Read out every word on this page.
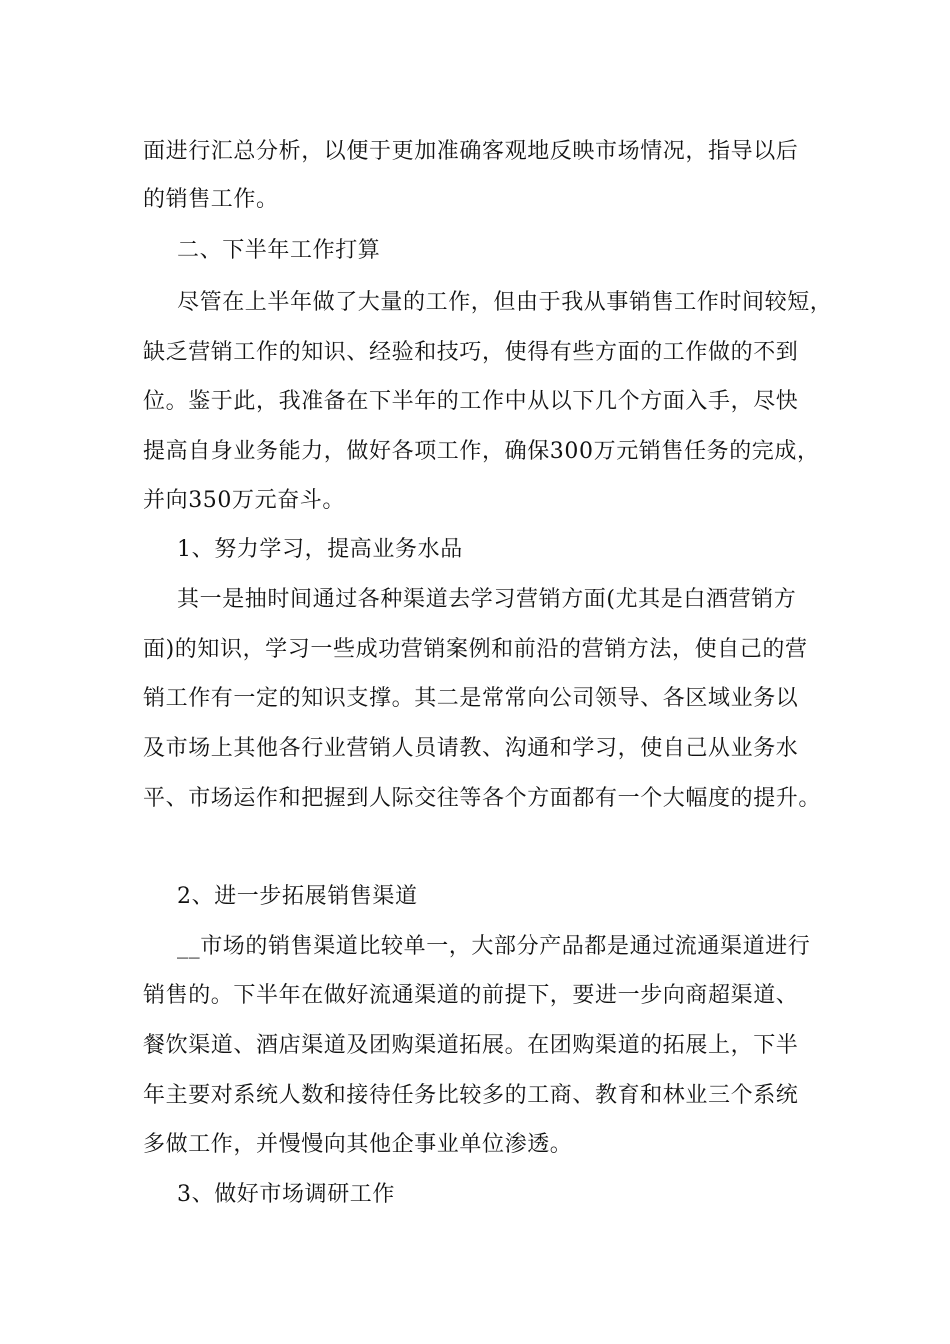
面进行汇总分析，以便于更加准确客观地反映市场情况，指导以后
的销售工作。
二、下半年工作打算
尽管在上半年做了大量的工作，但由于我从事销售工作时间较短，
缺乏营销工作的知识、经验和技巧，使得有些方面的工作做的不到
位。鉴于此，我准备在下半年的工作中从以下几个方面入手，尽快
提高自身业务能力，做好各项工作，确保300万元销售任务的完成，
并向350万元奋斗。
1、努力学习，提高业务水品
其一是抽时间通过各种渠道去学习营销方面(尤其是白酒营销方
面)的知识，学习一些成功营销案例和前沿的营销方法，使自己的营
销工作有一定的知识支撑。其二是常常向公司领导、各区域业务以
及市场上其他各行业营销人员请教、沟通和学习，使自己从业务水
平、市场运作和把握到人际交往等各个方面都有一个大幅度的提升。
2、进一步拓展销售渠道
__市场的销售渠道比较单一，大部分产品都是通过流通渠道进行
销售的。下半年在做好流通渠道的前提下，要进一步向商超渠道、
餐饮渠道、酒店渠道及团购渠道拓展。在团购渠道的拓展上，下半
年主要对系统人数和接待任务比较多的工商、教育和林业三个系统
多做工作，并慢慢向其他企事业单位渗透。
3、做好市场调研工作
